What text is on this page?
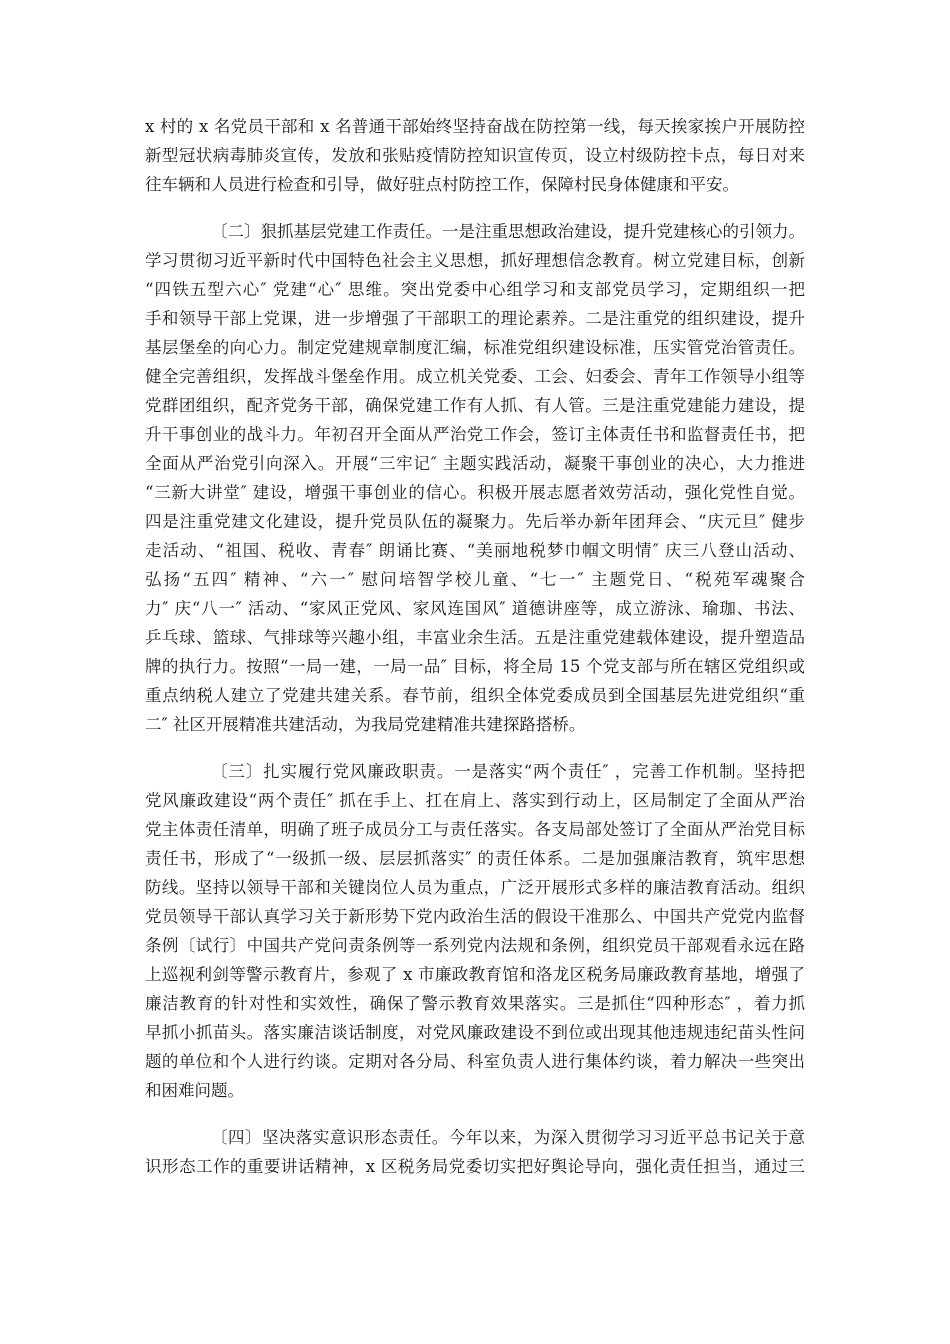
x 村的 x 名党员干部和 x 名普通干部始终坚持奋战在防控第一线，每天挨家挨户开展防控
新型冠状病毒肺炎宣传，发放和张贴疫情防控知识宣传页，设立村级防控卡点，每日对来
往车辆和人员进行检查和引导，做好驻点村防控工作，保障村民身体健康和平安。
〔二〕狠抓基层党建工作责任。一是注重思想政治建设，提升党建核心的引领力。
学习贯彻习近平新时代中国特色社会主义思想，抓好理想信念教育。树立党建目标，创新
“四铁五型六心″ 党建“心″ 思维。突出党委中心组学习和支部党员学习，定期组织一把
手和领导干部上党课，进一步增强了干部职工的理论素养。二是注重党的组织建设，提升
基层堡垒的向心力。制定党建规章制度汇编，标准党组织建设标准，压实管党治管责任。
健全完善组织，发挥战斗堡垒作用。成立机关党委、工会、妇委会、青年工作领导小组等
党群团组织，配齐党务干部，确保党建工作有人抓、有人管。三是注重党建能力建设，提
升干事创业的战斗力。年初召开全面从严治党工作会，签订主体责任书和监督责任书，把
全面从严治党引向深入。开展“三牢记″ 主题实践活动，凝聚干事创业的决心，大力推进
“三新大讲堂″ 建设，增强干事创业的信心。积极开展志愿者效劳活动，强化党性自觉。
四是注重党建文化建设，提升党员队伍的凝聚力。先后举办新年团拜会、“庆元旦″ 健步
走活动、“祖国、税收、青春″ 朗诵比赛、“美丽地税梦巾帼文明情″ 庆三八登山活动、
弘扬“五四″ 精神、“六一″ 慰问培智学校儿童、“七一″ 主题党日、“税苑军魂聚合
力″ 庆“八一″ 活动、“家风正党风、家风连国风″ 道德讲座等，成立游泳、瑜珈、书法、
乒乓球、篮球、气排球等兴趣小组，丰富业余生活。五是注重党建载体建设，提升塑造品
牌的执行力。按照“一局一建，一局一品″ 目标，将全局 15 个党支部与所在辖区党组织或
重点纳税人建立了党建共建关系。春节前，组织全体党委成员到全国基层先进党组织“重
二″ 社区开展精准共建活动，为我局党建精准共建探路搭桥。
〔三〕扎实履行党风廉政职责。一是落实“两个责任″ ，完善工作机制。坚持把
党风廉政建设“两个责任″ 抓在手上、扛在肩上、落实到行动上，区局制定了全面从严治
党主体责任清单，明确了班子成员分工与责任落实。各支局部处签订了全面从严治党目标
责任书，形成了“一级抓一级、层层抓落实″ 的责任体系。二是加强廉洁教育，筑牢思想
防线。坚持以领导干部和关键岗位人员为重点，广泛开展形式多样的廉洁教育活动。组织
党员领导干部认真学习关于新形势下党内政治生活的假设干准那么、中国共产党党内监督
条例〔试行〕中国共产党问责条例等一系列党内法规和条例，组织党员干部观看永远在路
上巡视利剑等警示教育片，参观了 x 市廉政教育馆和洛龙区税务局廉政教育基地，增强了
廉洁教育的针对性和实效性，确保了警示教育效果落实。三是抓住“四种形态″ ，着力抓
早抓小抓苗头。落实廉洁谈话制度，对党风廉政建设不到位或出现其他违规违纪苗头性问
题的单位和个人进行约谈。定期对各分局、科室负责人进行集体约谈，着力解决一些突出
和困难问题。
〔四〕坚决落实意识形态责任。今年以来，为深入贯彻学习习近平总书记关于意
识形态工作的重要讲话精神，x 区税务局党委切实把好舆论导向，强化责任担当，通过三
